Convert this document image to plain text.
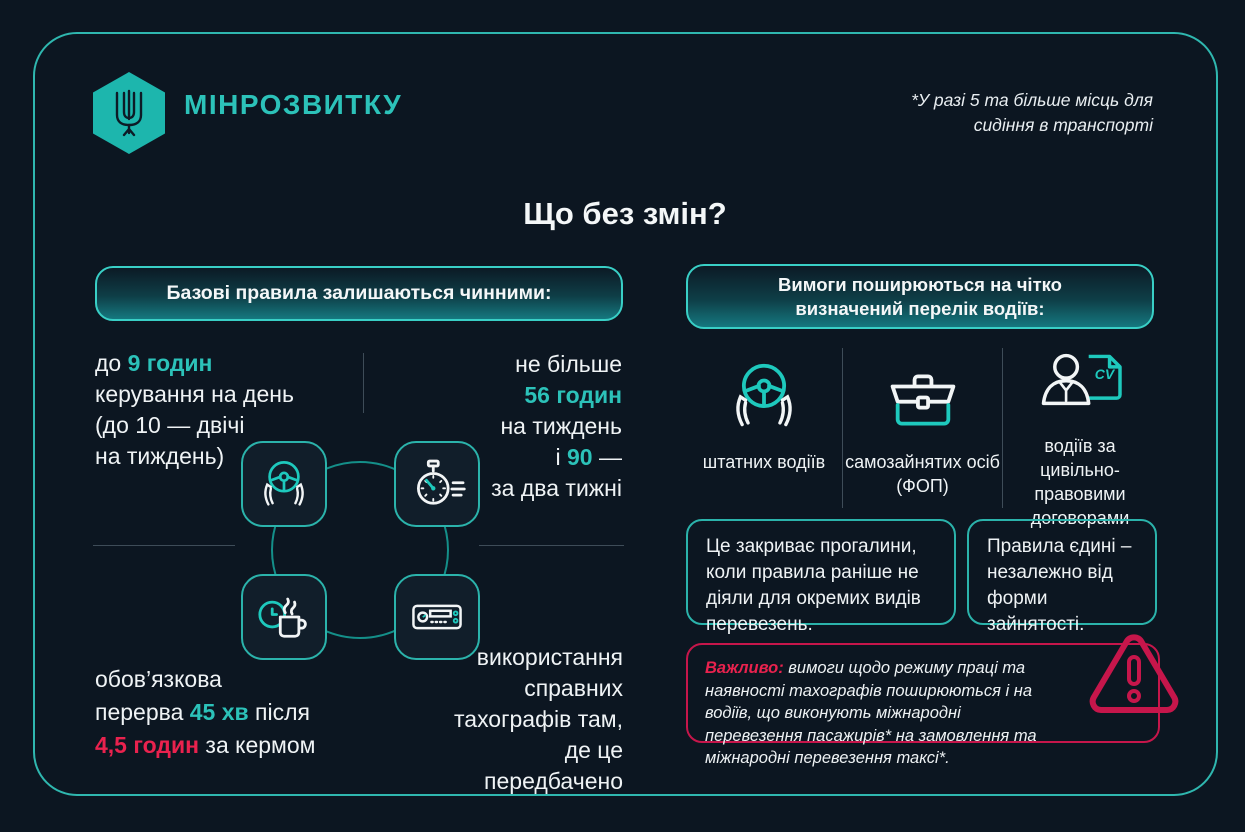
МІНРОЗВИТКУ	*У разі 5 та більше місць для
сидіння в транспорті
Що без змін?
Базові правила залишаються чинними:
до 9 годин
керування на день
(до 10 — двічі
на тиждень)
не більше
56 годин
на тиждень
і 90 —
за два тижні
обов’язкова
перерва 45 хв після
4,5 годин за кермом
використання
справних
тахографів там,
де це передбачено
Вимоги поширюються на чітко
визначений перелік водіїв:
штатних водіїв самозайнятих осіб (ФОП)
CV
водіїв за цивільно-правовими договорами
Це закриває прогалини, коли правила раніше не діяли для окремих видів перевезень.
Правила єдині – незалежно від форми зайнятості.
Важливо: вимоги щодо режиму праці та наявності тахографів поширюються і на водіїв, що виконують міжнародні перевезення пасажирів* на замовлення та міжнародні перевезення таксі*.
